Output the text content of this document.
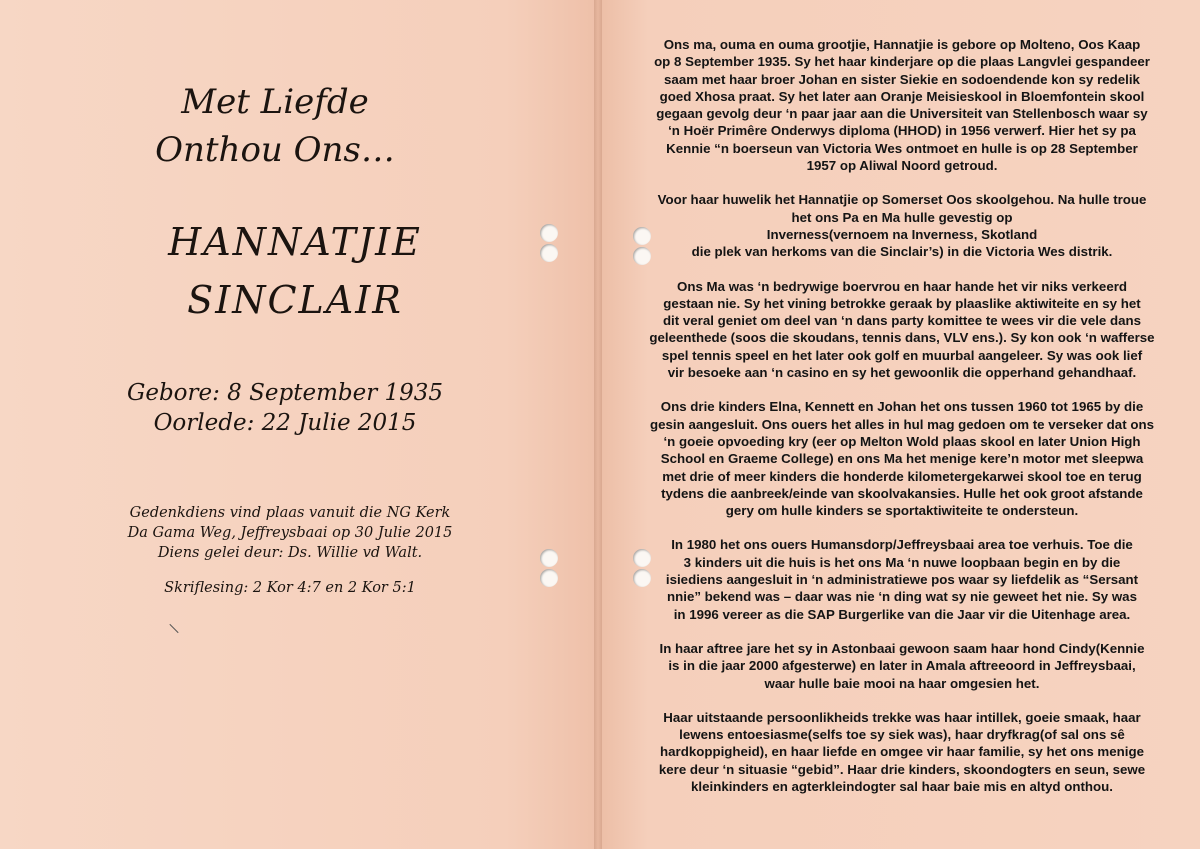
Met Liefde
Onthou Ons…
HANNATJIE
SINCLAIR
Gebore: 8 September 1935
Oorlede: 22 Julie 2015
Gedenkdiens vind plaas vanuit die NG Kerk
Da Gama Weg, Jeffreysbaai op 30 Julie 2015
Diens gelei deur: Ds. Willie vd Walt.
Skriflesing: 2 Kor 4:7 en 2 Kor 5:1
Ons ma, ouma en ouma grootjie, Hannatjie is gebore op Molteno, Oos Kaap
op 8 September 1935. Sy het haar kinderjare op die plaas Langvlei gespandeer
saam met haar broer Johan en sister Siekie en sodoendende kon sy redelik
goed Xhosa praat. Sy het later aan Oranje Meisieskool in Bloemfontein skool
gegaan gevolg deur ‘n paar jaar aan die Universiteit van Stellenbosch waar sy
‘n Hoër Primêre Onderwys diploma (HHOD) in 1956 verwerf. Hier het sy pa
Kennie “n boerseun van Victoria Wes ontmoet en hulle is op 28 September
1957 op Aliwal Noord getroud.
Voor haar huwelik het Hannatjie op Somerset Oos skoolgehou. Na hulle troue
het ons Pa en Ma hulle gevestig op
Inverness(vernoem na Inverness, Skotland
die plek van herkoms van die Sinclair’s) in die Victoria Wes distrik.
Ons Ma was ‘n bedrywige boervrou en haar hande het vir niks verkeerd
gestaan nie. Sy het vining betrokke geraak by plaaslike aktiwiteite en sy het
dit veral geniet om deel van ‘n dans party komittee te wees vir die vele dans
geleenthede (soos die skoudans, tennis dans, VLV ens.). Sy kon ook ‘n wafferse
spel tennis speel en het later ook golf en muurbal aangeleer. Sy was ook lief
vir besoeke aan ‘n casino en sy het gewoonlik die opperhand gehandhaaf.
Ons drie kinders Elna, Kennett en Johan het ons tussen 1960 tot 1965 by die
gesin aangesluit. Ons ouers het alles in hul mag gedoen om te verseker dat ons
‘n goeie opvoeding kry (eer op Melton Wold plaas skool en later Union High
School en Graeme College) en ons Ma het menige kere’n motor met sleepwa
met drie of meer kinders die honderde kilometergekarwei skool toe en terug
tydens die aanbreek/einde van skoolvakansies. Hulle het ook groot afstande
gery om hulle kinders se sportaktiwiteite te ondersteun.
In 1980 het ons ouers Humansdorp/Jeffreysbaai area toe verhuis. Toe die
3 kinders uit die huis is het ons Ma ‘n nuwe loopbaan begin en by die
isiediens aangesluit in ‘n administratiewe pos waar sy liefdelik as “Sersant
nnie” bekend was – daar was nie ‘n ding wat sy nie geweet het nie. Sy was
in 1996 vereer as die SAP Burgerlike van die Jaar vir die Uitenhage area.
In haar aftree jare het sy in Astonbaai gewoon saam haar hond Cindy(Kennie
is in die jaar 2000 afgesterwe) en later in Amala aftreeoord in Jeffreysbaai,
waar hulle baie mooi na haar omgesien het.
Haar uitstaande persoonlikheids trekke was haar intillek, goeie smaak, haar
lewens entoesiasme(selfs toe sy siek was), haar dryfkrag(of sal ons sê
hardkoppigheid), en haar liefde en omgee vir haar familie, sy het ons menige
kere deur ‘n situasie “gebid”. Haar drie kinders, skoondogters en seun, sewe
kleinkinders en agterkleindogter sal haar baie mis en altyd onthou.
